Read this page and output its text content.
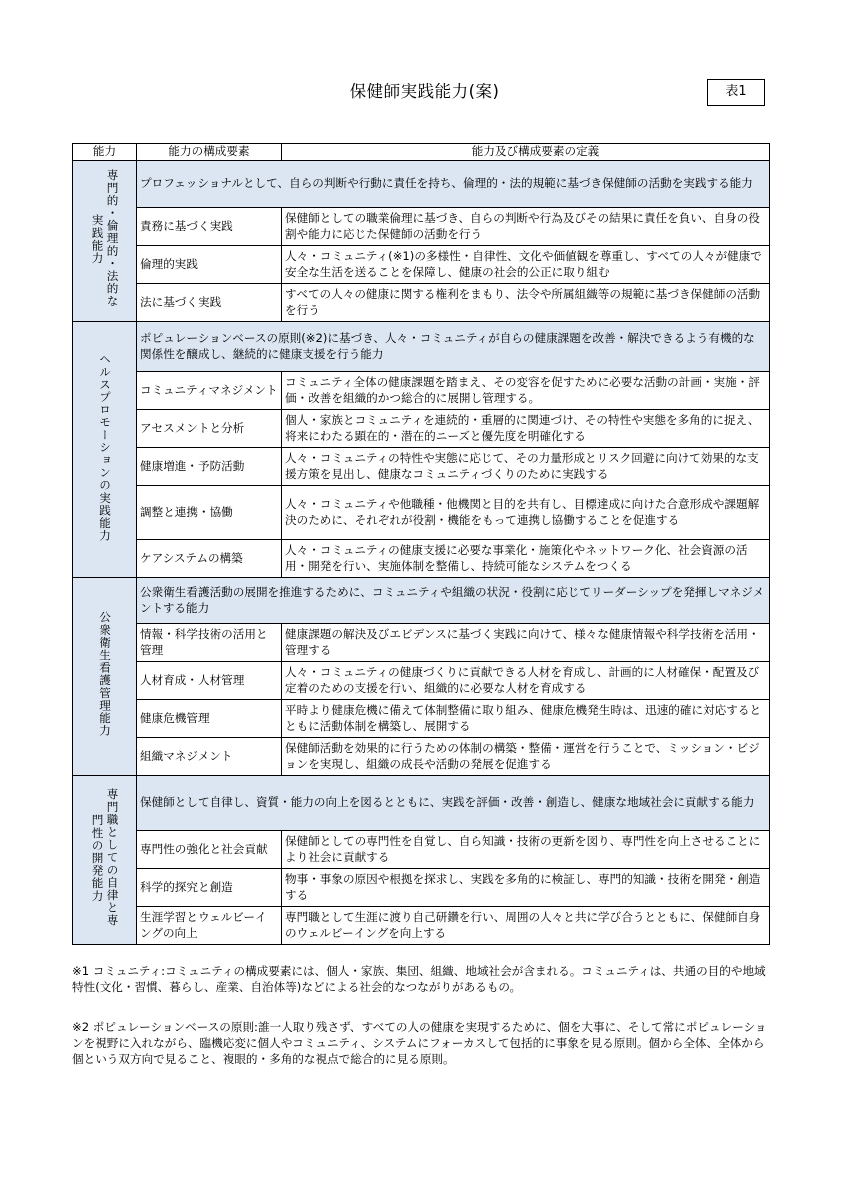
保健師実践能力(案)	表1
能力	能力の構成要素	能力及び構成要素の定義
専門的・倫理的・法的な実践能力	プロフェッショナルとして、自らの判断や行動に責任を持ち、倫理的・法的規範に基づき保健師の活動を実践する能力	
	責務に基づく実践	保健師としての職業倫理に基づき、自らの判断や行為及びその結果に責任を負い、自身の役割や能力に応じた保健師の活動を行う
	倫理的実践	人々・コミュニティ(※1)の多様性・自律性、文化や価値観を尊重し、すべての人々が健康で安全な生活を送ることを保障し、健康の社会的公正に取り組む
	法に基づく実践	すべての人々の健康に関する権利をまもり、法令や所属組織等の規範に基づき保健師の活動を行う
ヘルスプロモーションの実践能力	ポピュレーションベースの原則(※2)に基づき、人々・コミュニティが自らの健康課題を改善・解決できるよう有機的な関係性を醸成し、継続的に健康支援を行う能力	
	コミュニティマネジメント	コミュニティ全体の健康課題を踏まえ、その変容を促すために必要な活動の計画・実施・評価・改善を組織的かつ総合的に展開し管理する。
	アセスメントと分析	個人・家族とコミュニティを連続的・重層的に関連づけ、その特性や実態を多角的に捉え、将来にわたる顕在的・潜在的ニーズと優先度を明確化する
	健康増進・予防活動	人々・コミュニティの特性や実態に応じて、その力量形成とリスク回避に向けて効果的な支援方策を見出し、健康なコミュニティづくりのために実践する
	調整と連携・協働	人々・コミュニティや他職種・他機関と目的を共有し、目標達成に向けた合意形成や課題解決のために、それぞれが役割・機能をもって連携し協働することを促進する
	ケアシステムの構築	人々・コミュニティの健康支援に必要な事業化・施策化やネットワーク化、社会資源の活用・開発を行い、実施体制を整備し、持続可能なシステムをつくる
公衆衛生看護管理能力	公衆衛生看護活動の展開を推進するために、コミュニティや組織の状況・役割に応じてリーダーシップを発揮しマネジメントする能力	
	情報・科学技術の活用と管理	健康課題の解決及びエビデンスに基づく実践に向けて、様々な健康情報や科学技術を活用・管理する
	人材育成・人材管理	人々・コミュニティの健康づくりに貢献できる人材を育成し、計画的に人材確保・配置及び定着のための支援を行い、組織的に必要な人材を育成する
	健康危機管理	平時より健康危機に備えて体制整備に取り組み、健康危機発生時は、迅速的確に対応するとともに活動体制を構築し、展開する
	組織マネジメント	保健師活動を効果的に行うための体制の構築・整備・運営を行うことで、ミッション・ビジョンを実現し、組織の成長や活動の発展を促進する
専門職としての自律と専門性の開発能力	保健師として自律し、資質・能力の向上を図るとともに、実践を評価・改善・創造し、健康な地域社会に貢献する能力	
	専門性の強化と社会貢献	保健師としての専門性を自覚し、自ら知識・技術の更新を図り、専門性を向上させることにより社会に貢献する
	科学的探究と創造	物事・事象の原因や根拠を探求し、実践を多角的に検証し、専門的知識・技術を開発・創造する
	生涯学習とウェルビーイングの向上	専門職として生涯に渡り自己研鑽を行い、周囲の人々と共に学び合うとともに、保健師自身のウェルビーイングを向上する
※1 コミュニティ:コミュニティの構成要素には、個人・家族、集団、組織、地域社会が含まれる。コミュニティは、共通の目的や地域特性(文化・習慣、暮らし、産業、自治体等)などによる社会的なつながりがあるもの。
※2 ポピュレーションベースの原則:誰一人取り残さず、すべての人の健康を実現するために、個を大事に、そして常にポピュレーションを視野に入れながら、臨機応変に個人やコミュニティ、システムにフォーカスして包括的に事象を見る原則。個から全体、全体から個という双方向で見ること、複眼的・多角的な視点で総合的に見る原則。
